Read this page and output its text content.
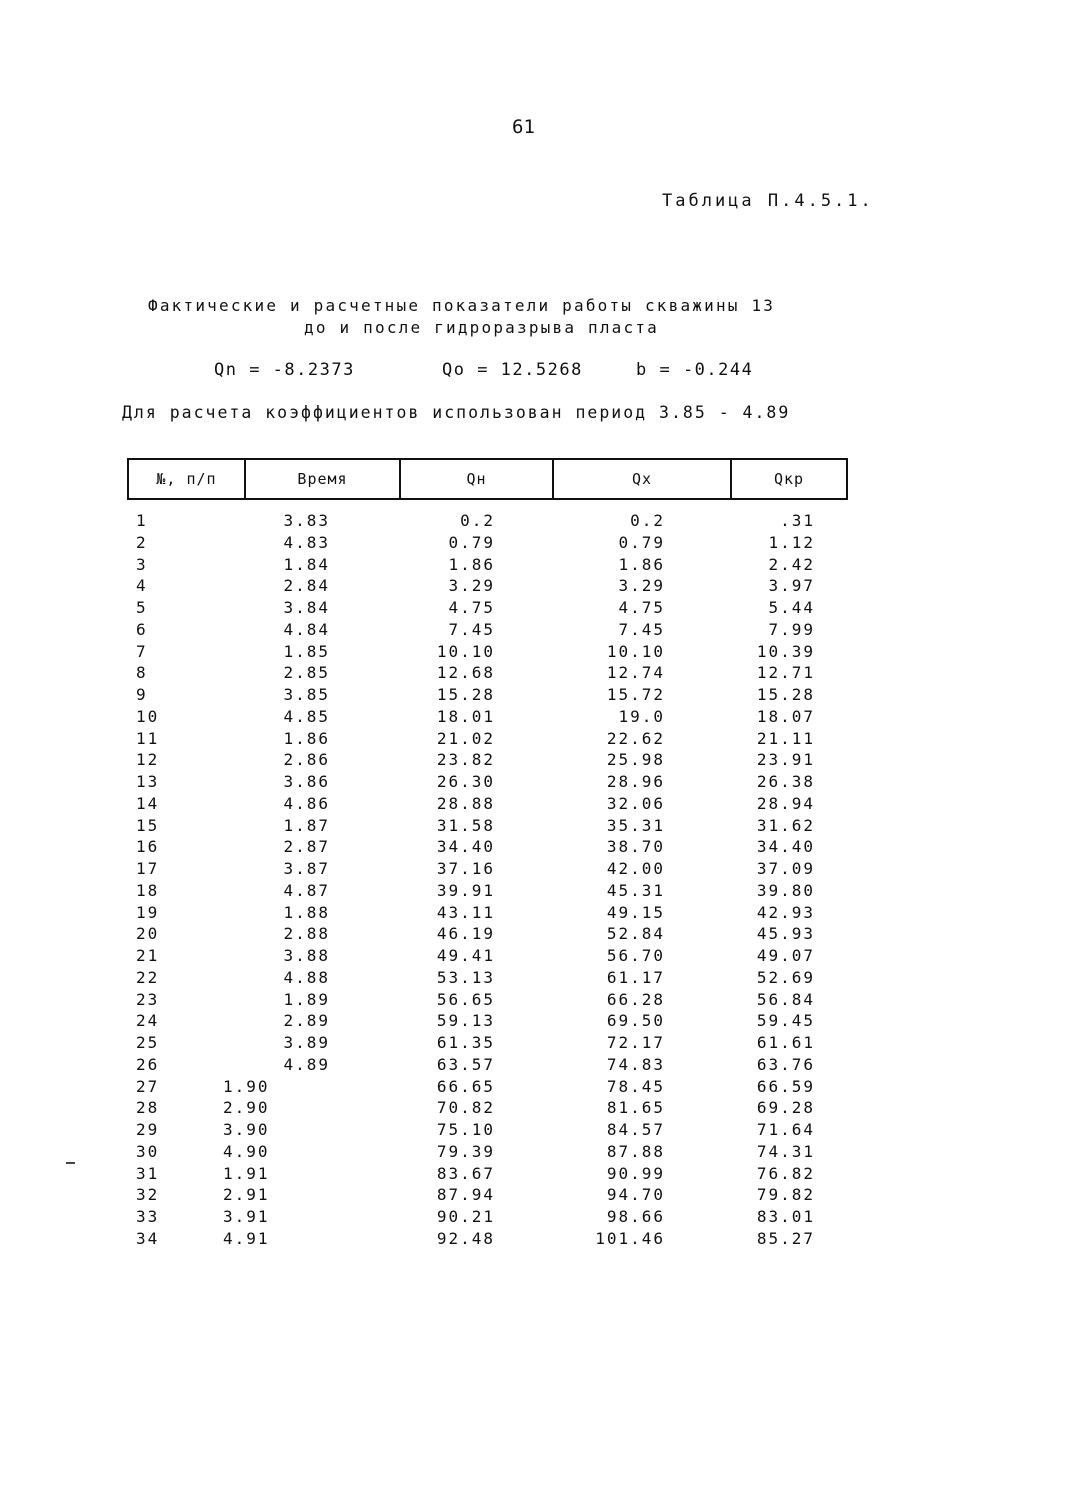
61
Таблица П.4.5.1.
Фактические и расчетные показатели работы скважины 13
до и после гидроразрыва пласта
Qn = -8.2373	Qo = 12.5268	b = -0.244
Для расчета коэффициентов использован период 3.85 - 4.89
№, п/п	Время	Qн	Qх	Qкр
1	3.83	0.2	0.2	.31
2	4.83	0.79	0.79	1.12
3	1.84	1.86	1.86	2.42
4	2.84	3.29	3.29	3.97
5	3.84	4.75	4.75	5.44
6	4.84	7.45	7.45	7.99
7	1.85	10.10	10.10	10.39
8	2.85	12.68	12.74	12.71
9	3.85	15.28	15.72	15.28
10	4.85	18.01	19.0	18.07
11	1.86	21.02	22.62	21.11
12	2.86	23.82	25.98	23.91
13	3.86	26.30	28.96	26.38
14	4.86	28.88	32.06	28.94
15	1.87	31.58	35.31	31.62
16	2.87	34.40	38.70	34.40
17	3.87	37.16	42.00	37.09
18	4.87	39.91	45.31	39.80
19	1.88	43.11	49.15	42.93
20	2.88	46.19	52.84	45.93
21	3.88	49.41	56.70	49.07
22	4.88	53.13	61.17	52.69
23	1.89	56.65	66.28	56.84
24	2.89	59.13	69.50	59.45
25	3.89	61.35	72.17	61.61
26	4.89	63.57	74.83	63.76
27	1.90	66.65	78.45	66.59
28	2.90	70.82	81.65	69.28
29	3.90	75.10	84.57	71.64
30	4.90	79.39	87.88	74.31
31	1.91	83.67	90.99	76.82
32	2.91	87.94	94.70	79.82
33	3.91	90.21	98.66	83.01
34	4.91	92.48	101.46	85.27
